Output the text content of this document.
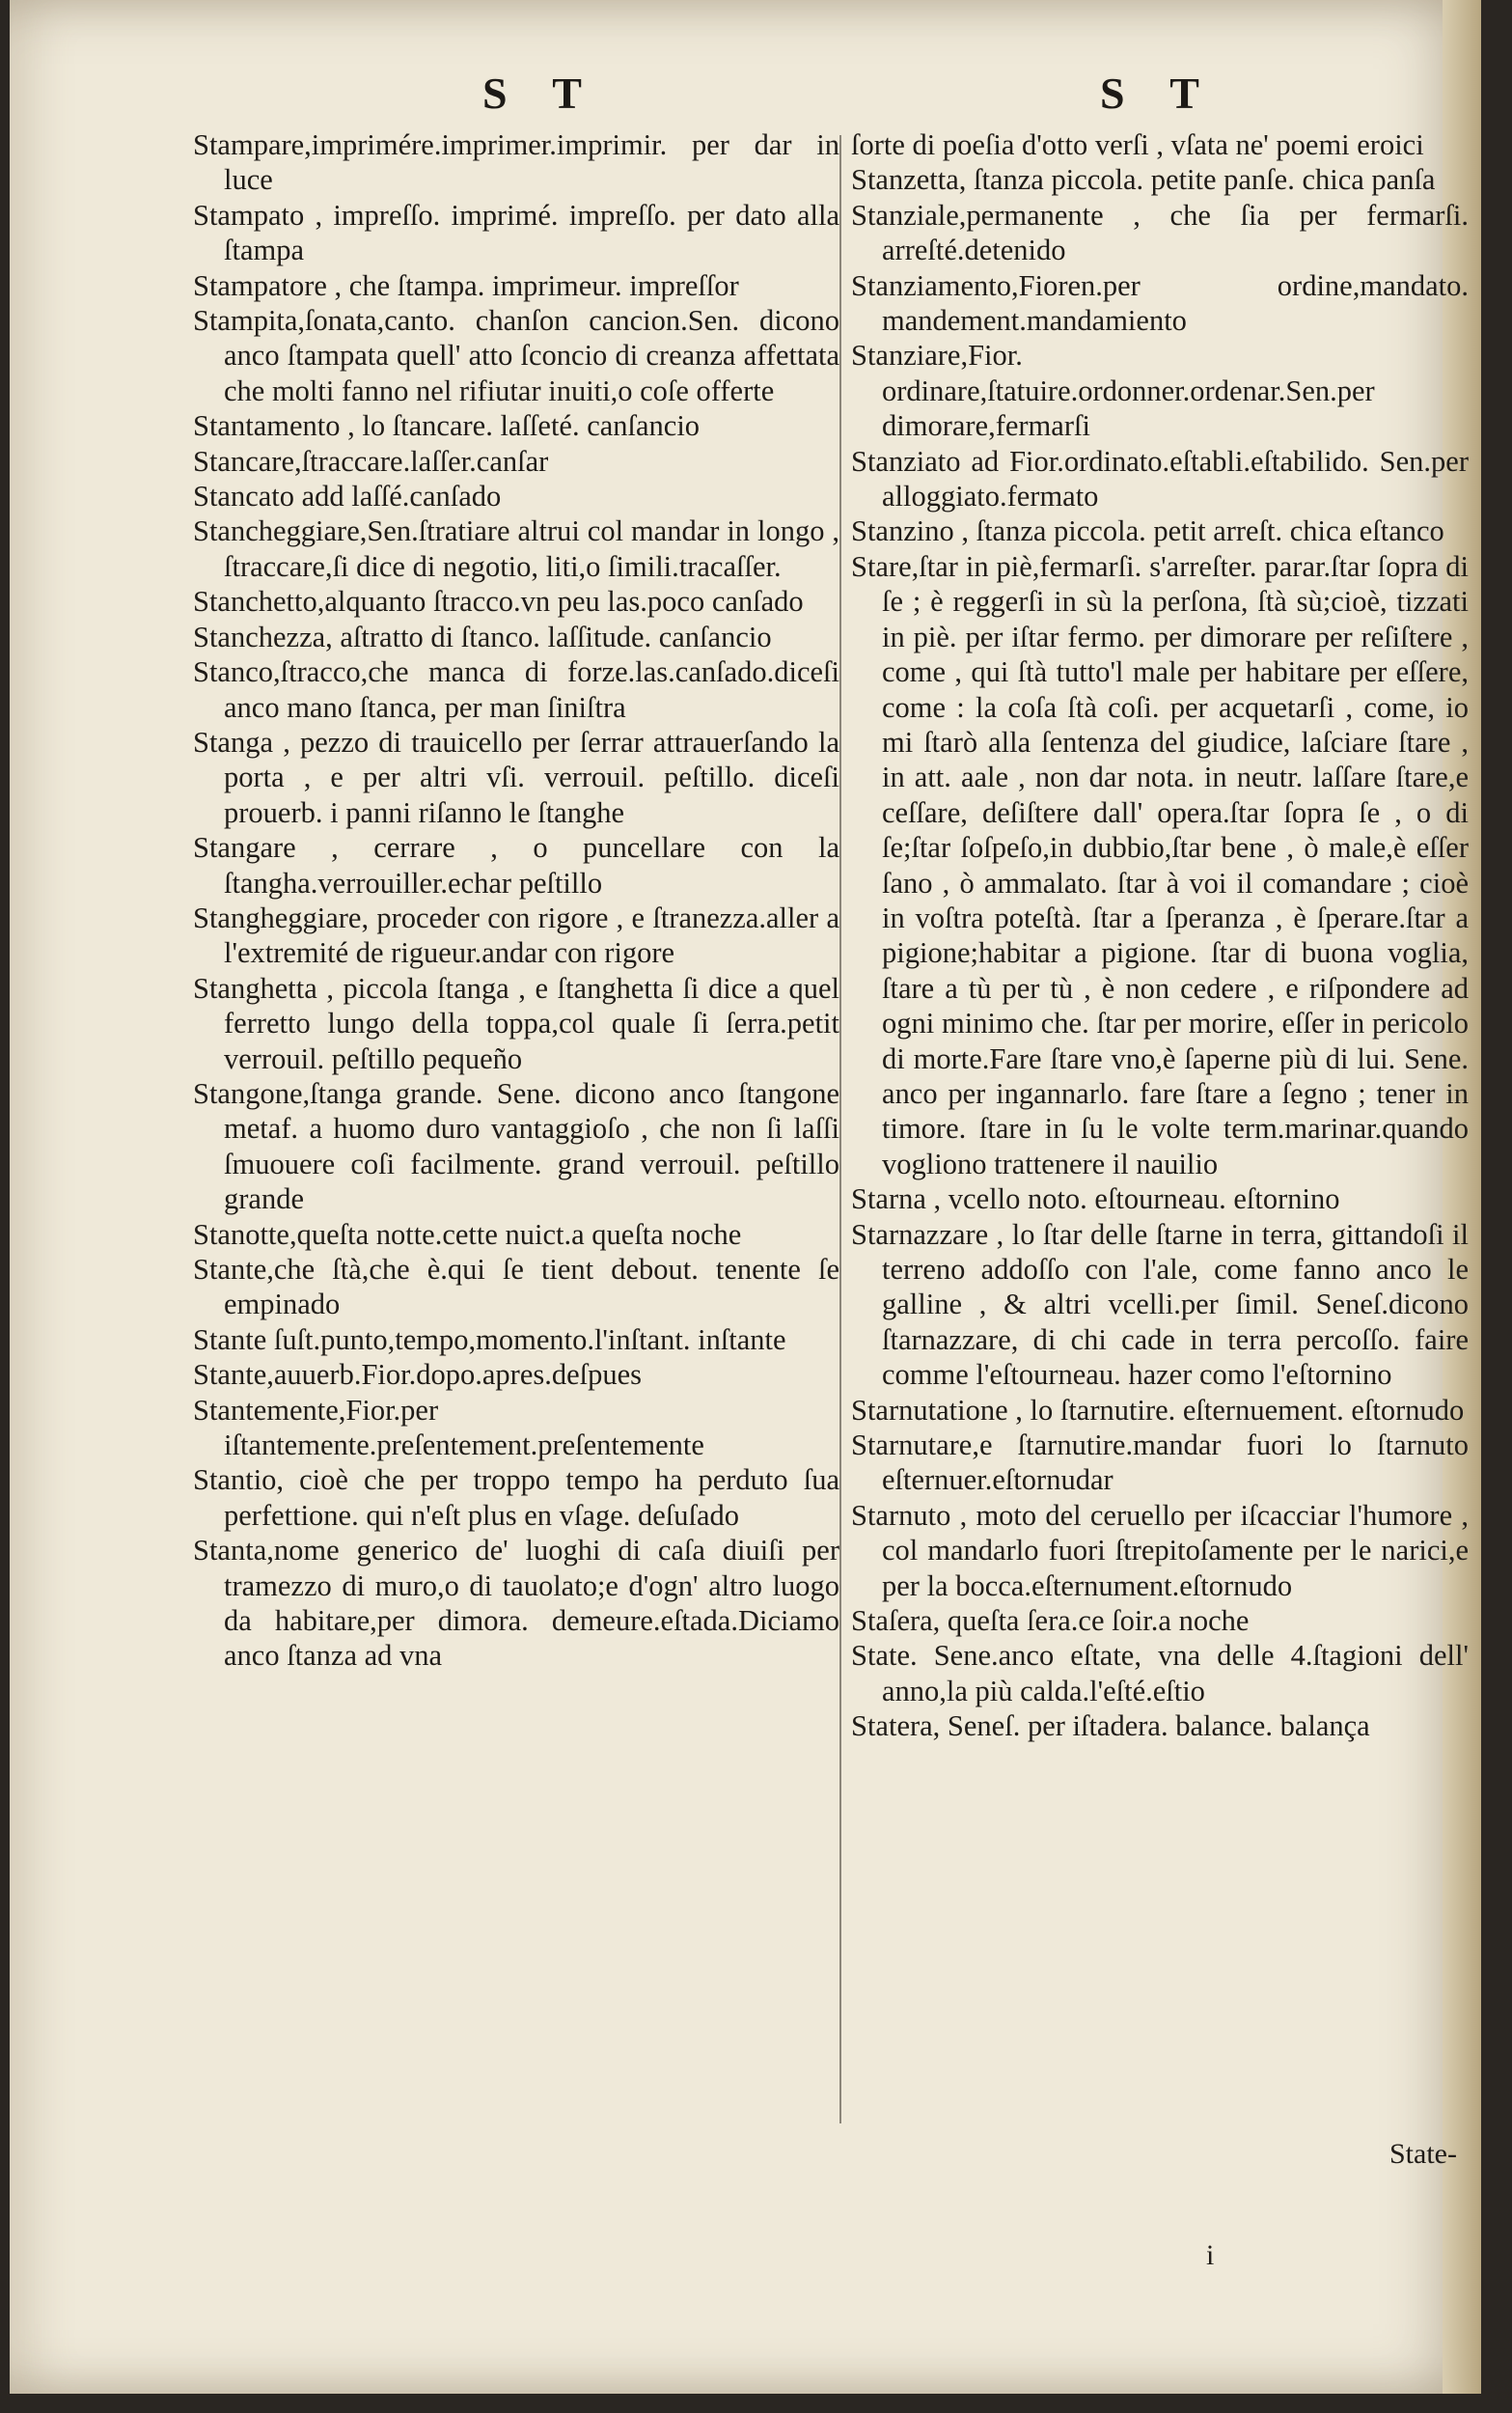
S T	S T
Stampare,imprimére.imprimer.imprimir. per dar in luce
Stampato , impreſſo. imprimé. impreſſo. per dato alla ſtampa
Stampatore , che ſtampa. imprimeur. impreſſor
Stampita,ſonata,canto. chanſon cancion.Sen. dicono anco ſtampata quell' atto ſconcio di creanza affettata che molti fanno nel rifiutar inuiti,o coſe offerte
Stantamento , lo ſtancare. laſſeté. canſancio
Stancare,ſtraccare.laſſer.canſar
Stancato add laſſé.canſado
Stancheggiare,Sen.ſtratiare altrui col mandar in longo , ſtraccare,ſi dice di negotio, liti,o ſimili.tracaſſer.
Stanchetto,alquanto ſtracco.vn peu las.poco canſado
Stanchezza, aſtratto di ſtanco. laſſitude. canſancio
Stanco,ſtracco,che manca di forze.las.canſado.diceſi anco mano ſtanca, per man ſiniſtra
Stanga , pezzo di trauicello per ſerrar attrauerſando la porta , e per altri vſi. verrouil. peſtillo. diceſi prouerb. i panni riſanno le ſtanghe
Stangare , cerrare , o puncellare con la ſtangha.verrouiller.echar peſtillo
Stangheggiare, proceder con rigore , e ſtranezza.aller a l'extremité de rigueur.andar con rigore
Stanghetta , piccola ſtanga , e ſtanghetta ſi dice a quel ferretto lungo della toppa,col quale ſi ſerra.petit verrouil. peſtillo pequeño
Stangone,ſtanga grande. Sene. dicono anco ſtangone metaf. a huomo duro vantaggioſo , che non ſi laſſi ſmuouere coſi facilmente. grand verrouil. peſtillo grande
Stanotte,queſta notte.cette nuict.a queſta noche
Stante,che ſtà,che è.qui ſe tient debout. tenente ſe empinado
Stante ſuſt.punto,tempo,momento.l'inſtant. inſtante
Stante,auuerb.Fior.dopo.apres.deſpues
Stantemente,Fior.per iſtantemente.preſentement.preſentemente
Stantio, cioè che per troppo tempo ha perduto ſua perfettione. qui n'eſt plus en vſage. deſuſado
Stanta,nome generico de' luoghi di caſa diuiſi per tramezzo di muro,o di tauolato;e d'ogn' altro luogo da habitare,per dimora. demeure.eſtada.Diciamo anco ſtanza ad vna
ſorte di poeſia d'otto verſi , vſata ne' poemi eroici
Stanzetta, ſtanza piccola. petite panſe. chica panſa
Stanziale,permanente , che ſia per fermarſi. arreſté.detenido
Stanziamento,Fioren.per ordine,mandato. mandement.mandamiento
Stanziare,Fior. ordinare,ſtatuire.ordonner.ordenar.Sen.per dimorare,fermarſi
Stanziato ad Fior.ordinato.eſtabli.eſtabilido. Sen.per alloggiato.fermato
Stanzino , ſtanza piccola. petit arreſt. chica eſtanco
Stare,ſtar in piè,fermarſi. s'arreſter. parar.ſtar ſopra di ſe ; è reggerſi in sù la perſona, ſtà sù;cioè, tizzati in piè. per iſtar fermo. per dimorare per reſiſtere , come , qui ſtà tutto'l male per habitare per eſſere, come : la coſa ſtà coſi. per acquetarſi , come, io mi ſtarò alla ſentenza del giudice, laſciare ſtare , in att. aale , non dar nota. in neutr. laſſare ſtare,e ceſſare, deſiſtere dall' opera.ſtar ſopra ſe , o di ſe;ſtar ſoſpeſo,in dubbio,ſtar bene , ò male,è eſſer ſano , ò ammalato. ſtar à voi il comandare ; cioè in voſtra poteſtà. ſtar a ſperanza , è ſperare.ſtar a pigione;habitar a pigione. ſtar di buona voglia, ſtare a tù per tù , è non cedere , e riſpondere ad ogni minimo che. ſtar per morire, eſſer in pericolo di morte.Fare ſtare vno,è ſaperne più di lui. Sene. anco per ingannarlo. fare ſtare a ſegno ; tener in timore. ſtare in ſu le volte term.marinar.quando vogliono trattenere il nauilio
Starna , vcello noto. eſtourneau. eſtornino
Starnazzare , lo ſtar delle ſtarne in terra, gittandoſi il terreno addoſſo con l'ale, come fanno anco le galline , & altri vcelli.per ſimil. Seneſ.dicono ſtarnazzare, di chi cade in terra percoſſo. faire comme l'eſtourneau. hazer como l'eſtornino
Starnutatione , lo ſtarnutire. eſternuement. eſtornudo
Starnutare,e ſtarnutire.mandar fuori lo ſtarnuto eſternuer.eſtornudar
Starnuto , moto del ceruello per iſcacciar l'humore , col mandarlo fuori ſtrepitoſamente per le narici,e per la bocca.eſternument.eſtornudo
Staſera, queſta ſera.ce ſoir.a noche
State. Sene.anco eſtate, vna delle 4.ſtagioni dell' anno,la più calda.l'eſté.eſtio
Statera, Seneſ. per iſtadera. balance. balança
State-
i
